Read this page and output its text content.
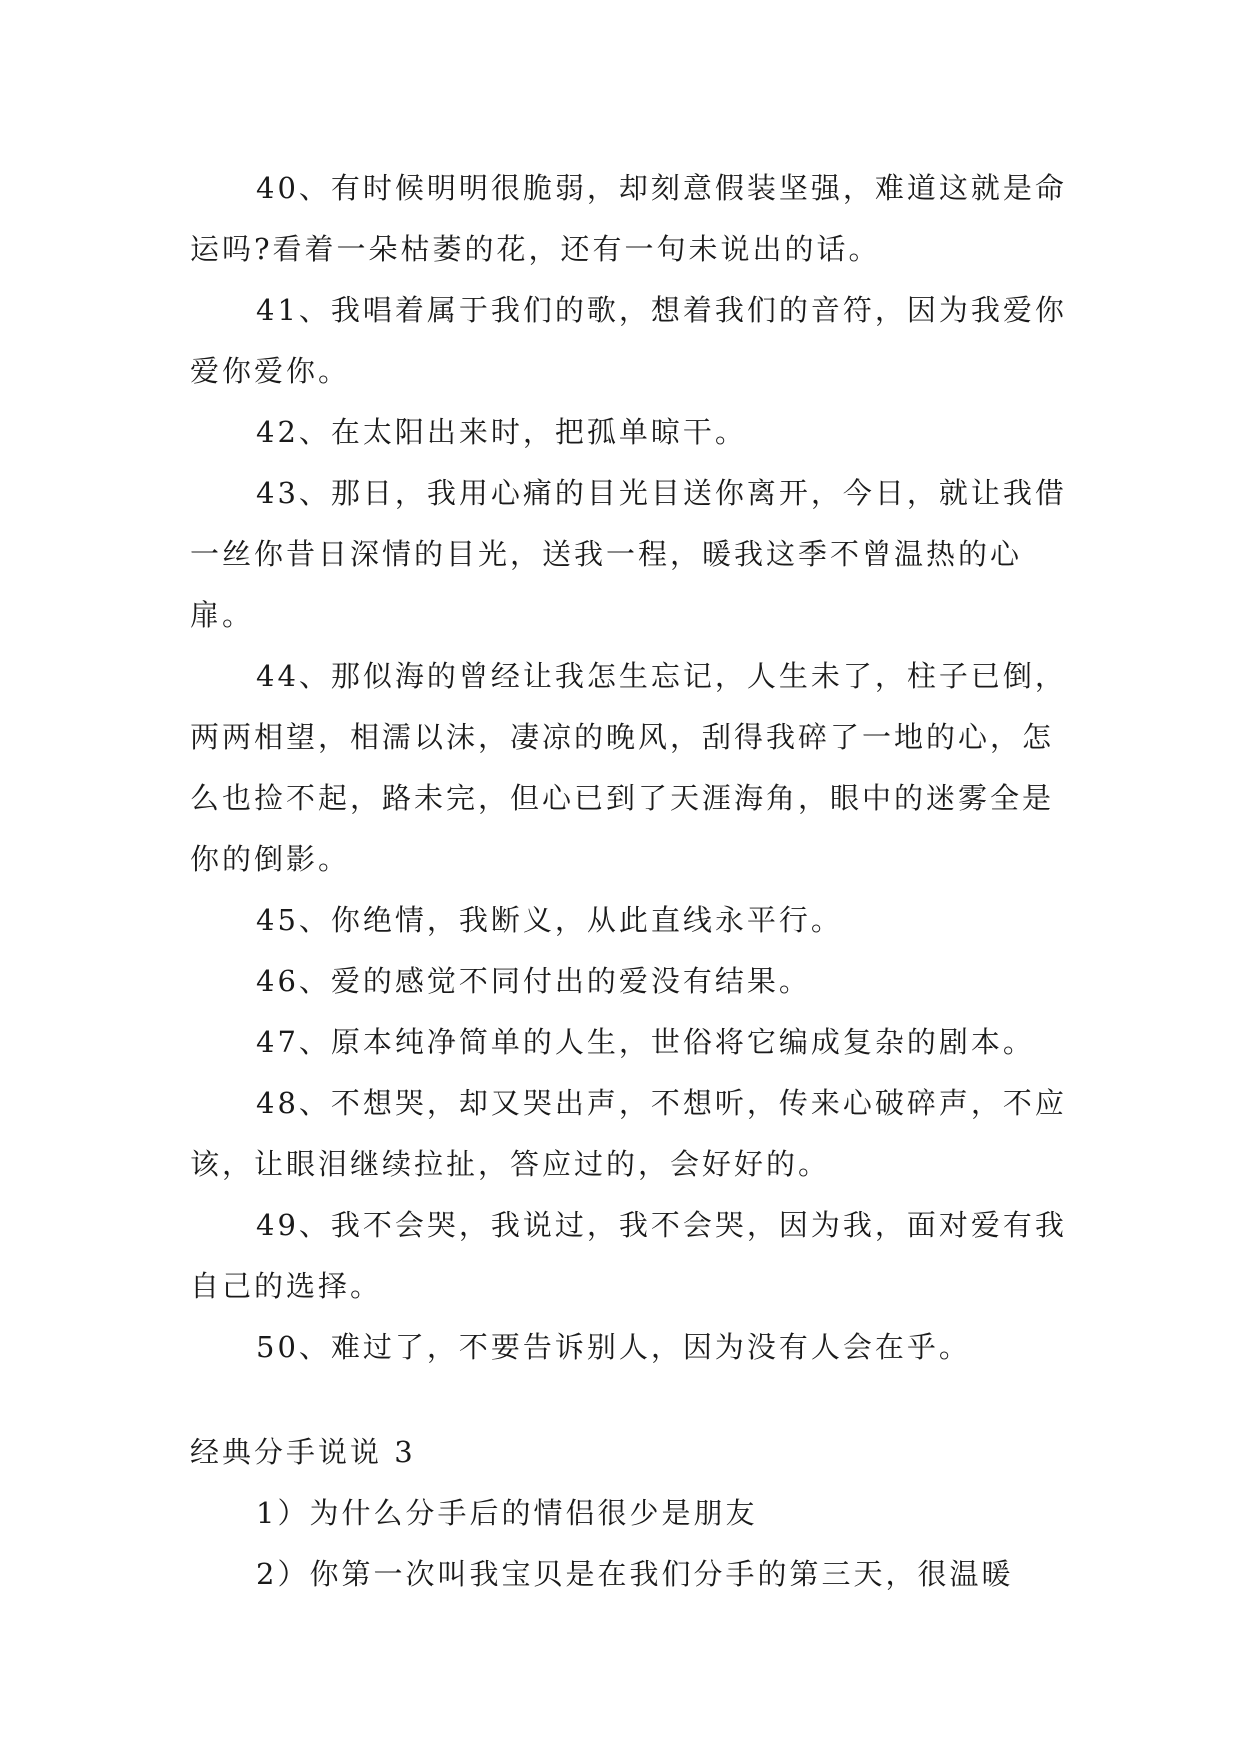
40、有时候明明很脆弱，却刻意假装坚强，难道这就是命运吗?看着一朵枯萎的花，还有一句未说出的话。

41、我唱着属于我们的歌，想着我们的音符，因为我爱你爱你爱你。

42、在太阳出来时，把孤单晾干。

43、那日，我用心痛的目光目送你离开，今日，就让我借一丝你昔日深情的目光，送我一程，暖我这季不曾温热的心扉。

44、那似海的曾经让我怎生忘记，人生未了，柱子已倒，两两相望，相濡以沫，凄凉的晚风，刮得我碎了一地的心，怎么也捡不起，路未完，但心已到了天涯海角，眼中的迷雾全是你的倒影。

45、你绝情，我断义，从此直线永平行。

46、爱的感觉不同付出的爱没有结果。

47、原本纯净简单的人生，世俗将它编成复杂的剧本。

48、不想哭，却又哭出声，不想听，传来心破碎声，不应该，让眼泪继续拉扯，答应过的，会好好的。

49、我不会哭，我说过，我不会哭，因为我，面对爱有我自己的选择。

50、难过了，不要告诉别人，因为没有人会在乎。

经典分手说说 3

1）为什么分手后的情侣很少是朋友

2）你第一次叫我宝贝是在我们分手的第三天，很温暖
